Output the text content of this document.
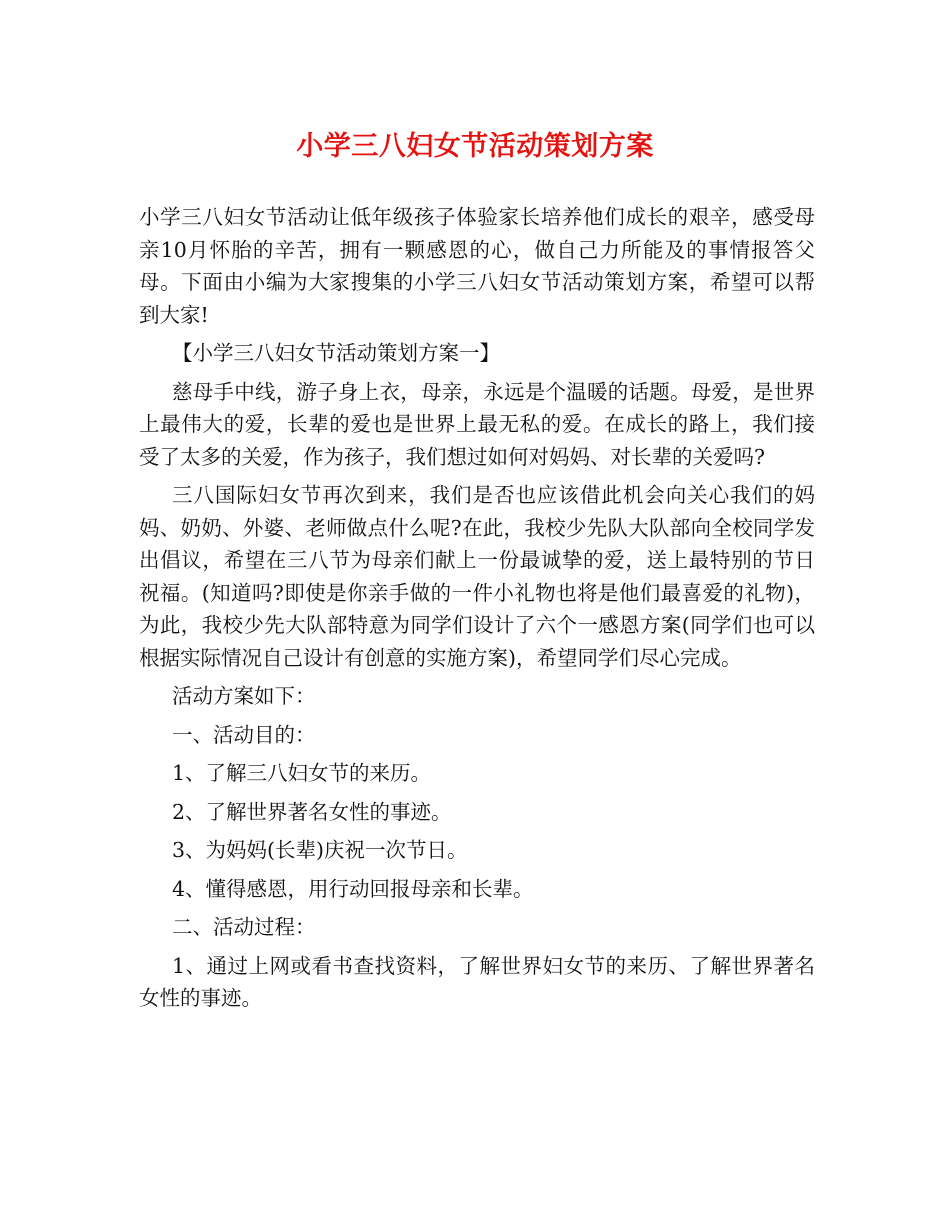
小学三八妇女节活动策划方案

小学三八妇女节活动让低年级孩子体验家长培养他们成长的艰辛，感受母亲10月怀胎的辛苦，拥有一颗感恩的心，做自己力所能及的事情报答父母。下面由小编为大家搜集的小学三八妇女节活动策划方案，希望可以帮到大家!

【小学三八妇女节活动策划方案一】

慈母手中线，游子身上衣，母亲，永远是个温暖的话题。母爱，是世界上最伟大的爱，长辈的爱也是世界上最无私的爱。在成长的路上，我们接受了太多的关爱，作为孩子，我们想过如何对妈妈、对长辈的关爱吗?

三八国际妇女节再次到来，我们是否也应该借此机会向关心我们的妈妈、奶奶、外婆、老师做点什么呢?在此，我校少先队大队部向全校同学发出倡议，希望在三八节为母亲们献上一份最诚挚的爱，送上最特别的节日祝福。(知道吗?即使是你亲手做的一件小礼物也将是他们最喜爱的礼物)，为此，我校少先大队部特意为同学们设计了六个一感恩方案(同学们也可以根据实际情况自己设计有创意的实施方案)，希望同学们尽心完成。

活动方案如下：

一、活动目的：

1、了解三八妇女节的来历。

2、了解世界著名女性的事迹。

3、为妈妈(长辈)庆祝一次节日。

4、懂得感恩，用行动回报母亲和长辈。

二、活动过程：

1、通过上网或看书查找资料，了解世界妇女节的来历、了解世界著名女性的事迹。
